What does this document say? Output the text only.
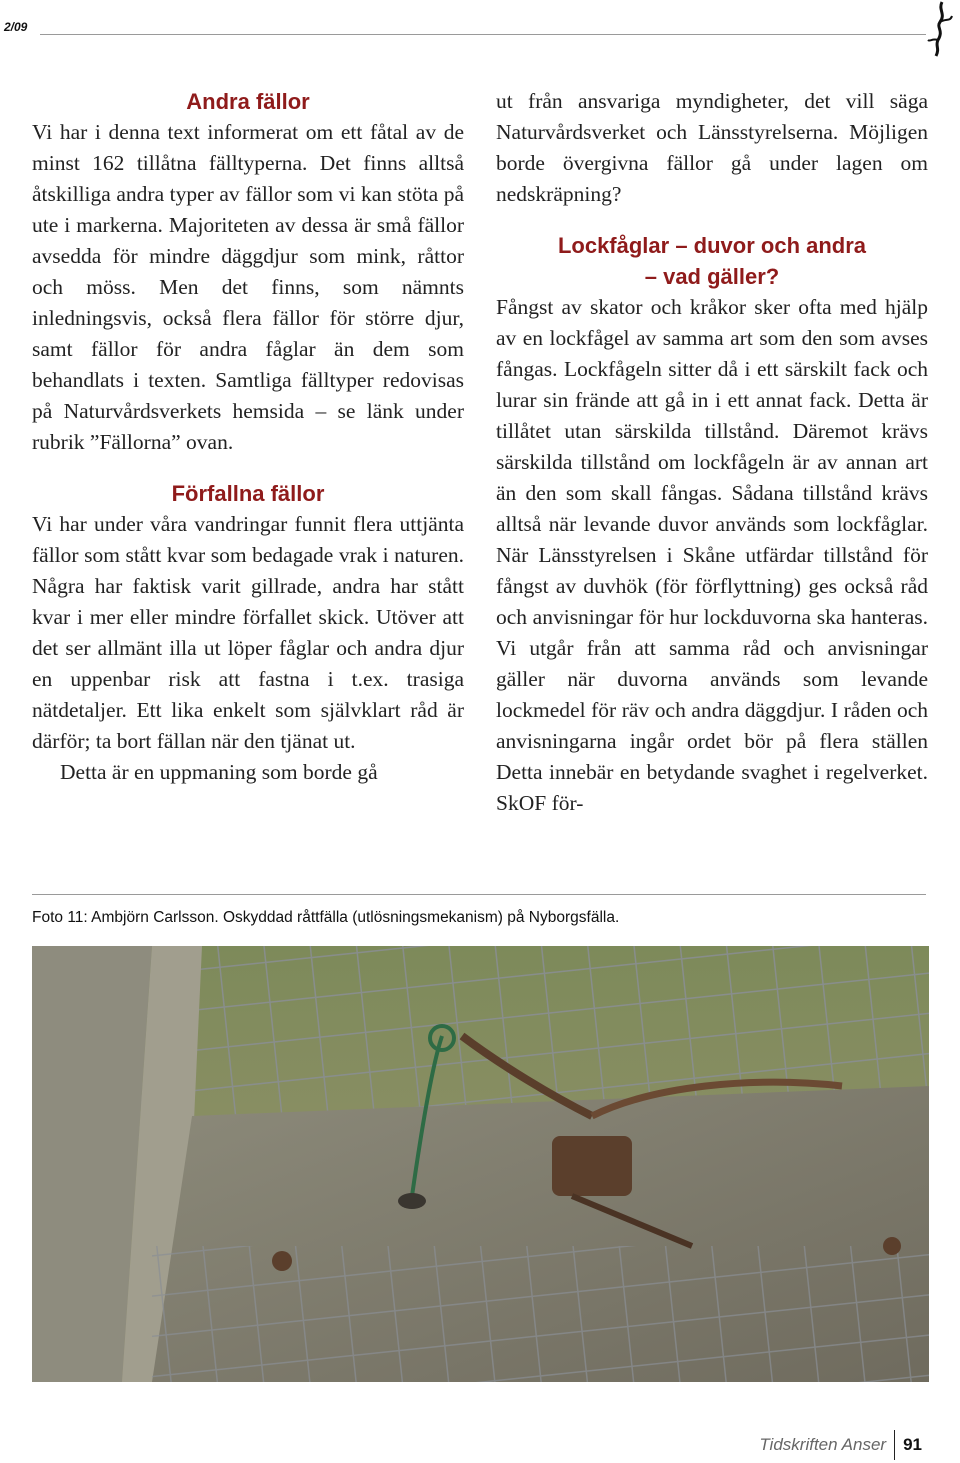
2/09
Andra fällor

Vi har i denna text informerat om ett fåtal av de minst 162 tillåtna fälltyperna. Det finns alltså åtskilliga andra typer av fällor som vi kan stöta på ute i markerna. Majoriteten av dessa är små fällor avsedda för mindre däggdjur som mink, råttor och möss. Men det finns, som nämnts inledningsvis, också flera fällor för större djur, samt fällor för andra fåglar än dem som behandlats i texten. Samtliga fälltyper redovisas på Naturvårdsverkets hemsida – se länk under rubrik ”Fällorna” ovan.

Förfallna fällor

Vi har under våra vandringar funnit flera uttjänta fällor som stått kvar som bedagade vrak i naturen. Några har faktisk varit gillrade, andra har stått kvar i mer eller mindre förfallet skick. Utöver att det ser allmänt illa ut löper fåglar och andra djur en uppenbar risk att fastna i t.ex. trasiga nätdetaljer. Ett lika enkelt som självklart råd är därför; ta bort fällan när den tjänat ut.

Detta är en uppmaning som borde gå

ut från ansvariga myndigheter, det vill säga Naturvårdsverket och Länsstyrelserna. Möjligen borde övergivna fällor gå under lagen om nedskräpning?

Lockfåglar – duvor och andra
– vad gäller?

Fångst av skator och kråkor sker ofta med hjälp av en lockfågel av samma art som den som avses fångas. Lockfågeln sitter då i ett särskilt fack och lurar sin frände att gå in i ett annat fack. Detta är tillåtet utan särskilda tillstånd. Däremot krävs särskilda tillstånd om lockfågeln är av annan art än den som skall fångas. Sådana tillstånd krävs alltså när levande duvor används som lockfåglar. När Länsstyrelsen i Skåne utfärdar tillstånd för fångst av duvhök (för förflyttning) ges också råd och anvisningar för hur lockduvorna ska hanteras. Vi utgår från att samma råd och anvisningar gäller när duvorna används som levande lockmedel för räv och andra däggdjur. I råden och anvisningarna ingår ordet bör på flera ställen Detta innebär en betydande svaghet i regelverket. SkOF för-

Foto 11: Ambjörn Carlsson. Oskyddad råttfälla (utlösningsmekanism) på Nyborgsfälla.
Tidskriften Anser	91
